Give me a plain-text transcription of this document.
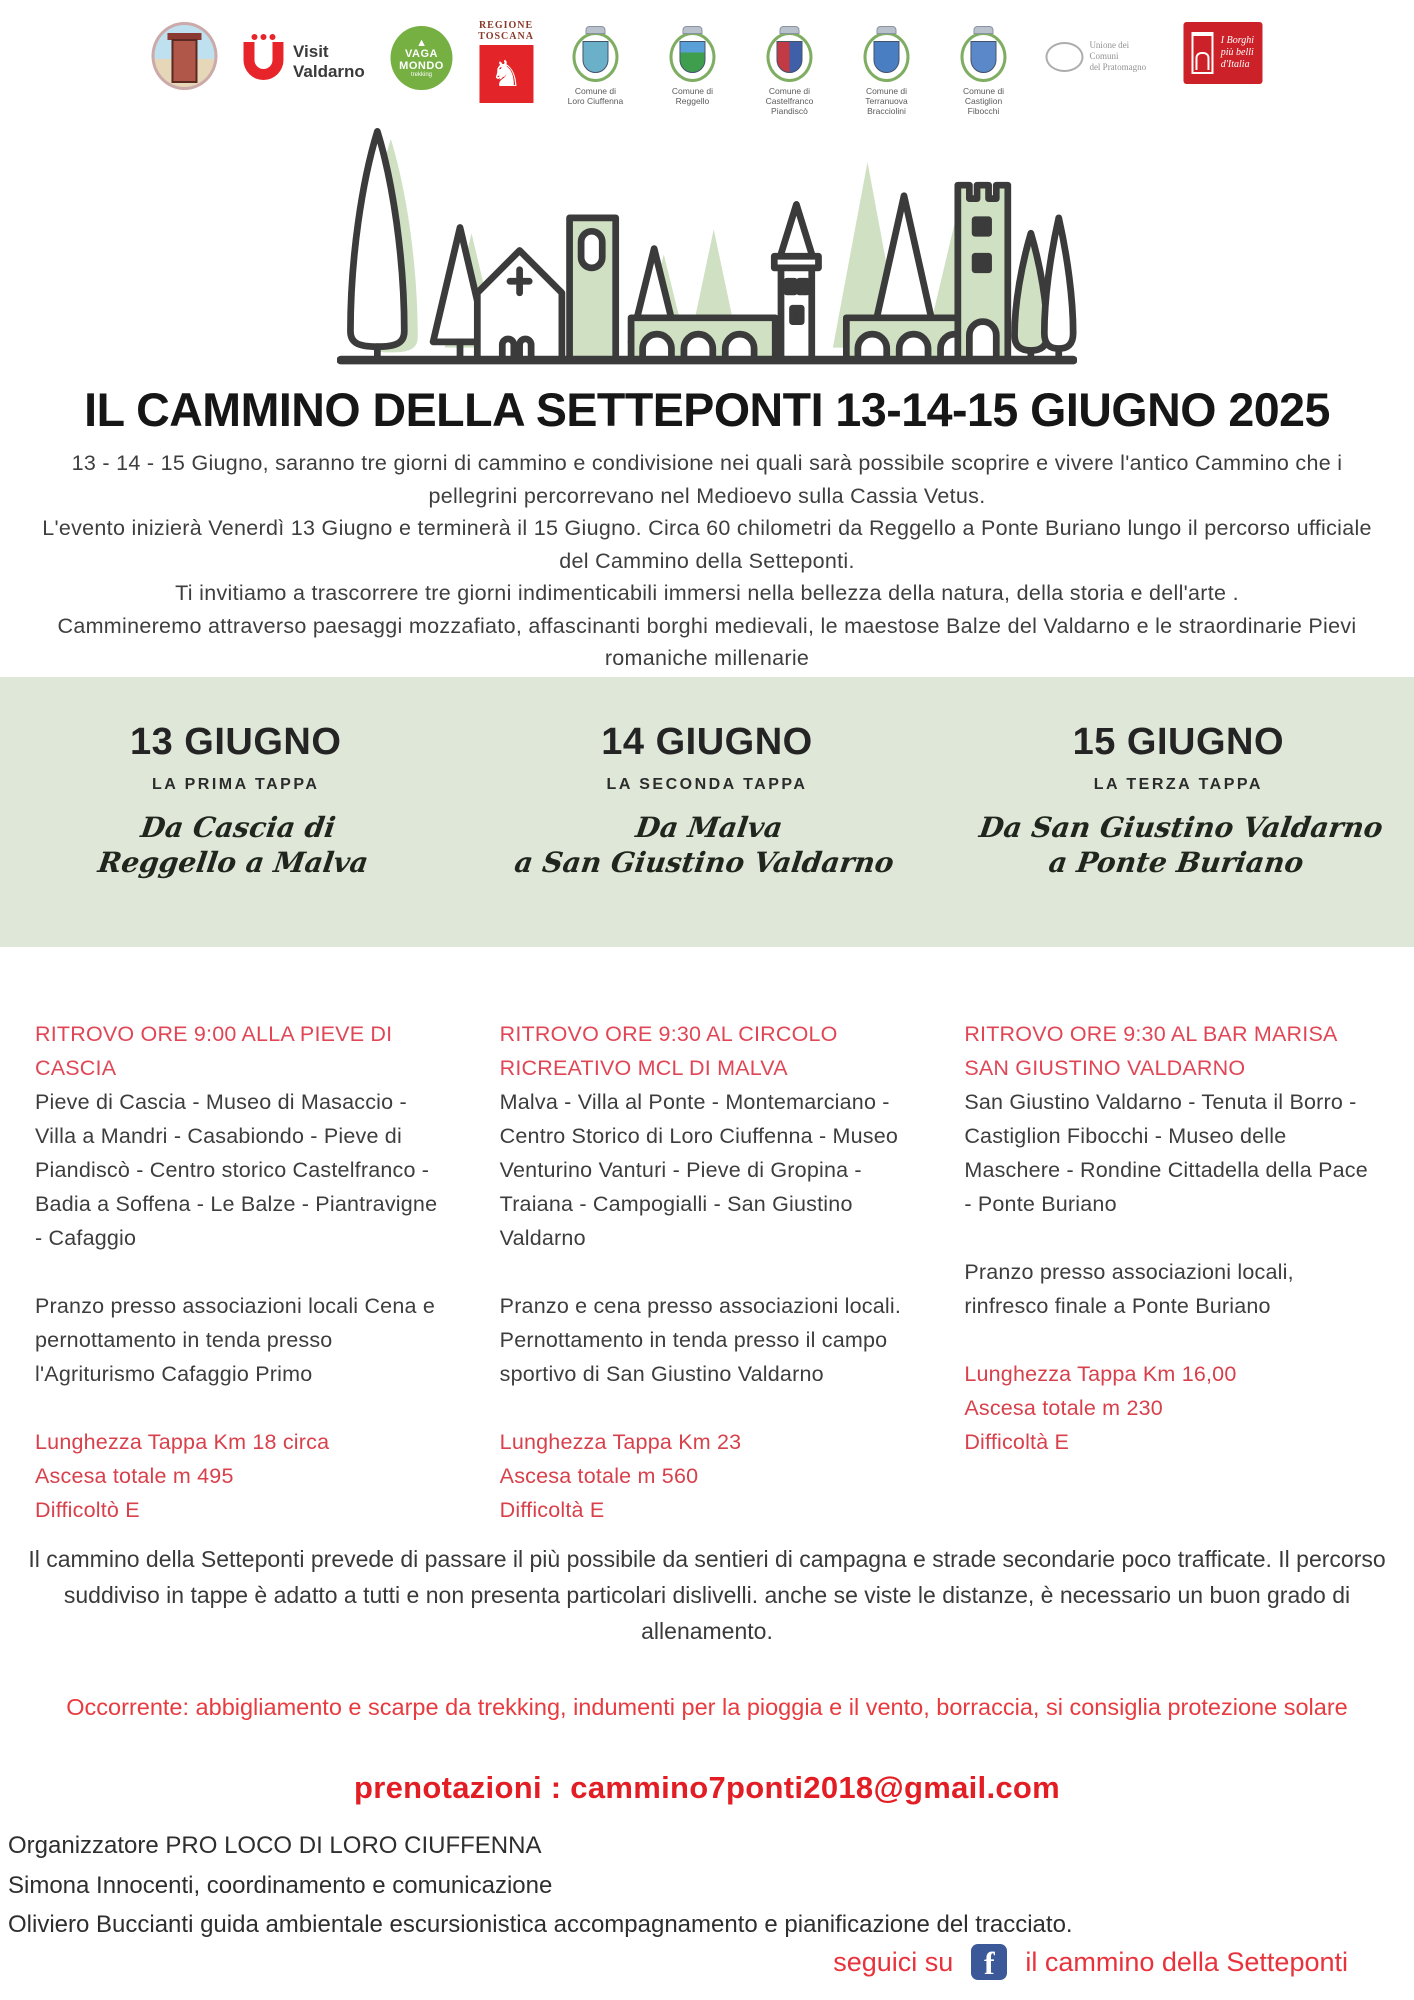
Visit
Valdarno
▲
VAGA
MONDO
trekking
REGIONE
TOSCANA
♞	Comune di
Loro Ciuffenna
Comune di
Reggello
Comune di
Castelfranco
Piandiscò
Comune di
Terranuova
Bracciolini
Comune di
Castiglion
Fibocchi
Unione dei Comuni
del Pratomagno
I Borghi
più belli
d'Italia
IL CAMMINO DELLA SETTEPONTI 13-14-15 GIUGNO 2025

13 - 14 - 15 Giugno, saranno tre giorni di cammino e condivisione nei quali sarà possibile scoprire e vivere l'antico Cammino che i pellegrini percorrevano nel Medioevo sulla Cassia Vetus.

L'evento inizierà Venerdì 13 Giugno e terminerà il 15 Giugno. Circa 60 chilometri da Reggello a Ponte Buriano lungo il percorso ufficiale del Cammino della Setteponti.

Ti invitiamo a trascorrere tre giorni indimenticabili immersi nella bellezza della natura, della storia e dell'arte .

Cammineremo attraverso paesaggi mozzafiato, affascinanti borghi medievali, le maestose Balze del Valdarno e le straordinarie Pievi romaniche millenarie

13 GIUGNO
LA PRIMA TAPPA
Da Cascia di
Reggello a Malva
14 GIUGNO
LA SECONDA TAPPA
Da Malva
a San Giustino Valdarno
15 GIUGNO
LA TERZA TAPPA
Da San Giustino Valdarno
a Ponte Buriano
RITROVO ORE 9:00 ALLA PIEVE DI CASCIA
Pieve di Cascia - Museo di Masaccio - Villa a Mandri - Casabiondo - Pieve di Piandiscò - Centro storico Castelfranco - Badia a Soffena - Le Balze - Piantravigne - Cafaggio
Pranzo presso associazioni locali Cena e pernottamento in tenda presso l'Agriturismo Cafaggio Primo
Lunghezza Tappa Km 18 circa
Ascesa totale m 495
Difficoltò E
RITROVO ORE 9:30 AL CIRCOLO RICREATIVO MCL DI MALVA
Malva - Villa al Ponte - Montemarciano - Centro Storico di Loro Ciuffenna - Museo Venturino Vanturi - Pieve di Gropina - Traiana - Campogialli - San Giustino Valdarno
Pranzo e cena presso associazioni locali. Pernottamento in tenda presso il campo sportivo di San Giustino Valdarno
Lunghezza Tappa Km 23
Ascesa totale m 560
Difficoltà E
RITROVO ORE 9:30 AL BAR MARISA SAN GIUSTINO VALDARNO
San Giustino Valdarno - Tenuta il Borro - Castiglion Fibocchi - Museo delle Maschere - Rondine Cittadella della Pace - Ponte Buriano
Pranzo presso associazioni locali, rinfresco finale a Ponte Buriano
Lunghezza Tappa Km 16,00
Ascesa totale m 230
Difficoltà E
Il cammino della Setteponti prevede di passare il più possibile da sentieri di campagna e strade secondarie poco trafficate. Il percorso suddiviso in tappe è adatto a tutti e non presenta particolari dislivelli. anche se viste le distanze, è necessario un buon grado di allenamento.
Occorrente: abbigliamento e scarpe da trekking, indumenti per la pioggia e il vento, borraccia, si consiglia protezione solare
prenotazioni : cammino7ponti2018@gmail.com
Organizzatore PRO LOCO DI LORO CIUFFENNA
Simona Innocenti, coordinamento e comunicazione
Oliviero Buccianti guida ambientale escursionistica accompagnamento e pianificazione del tracciato.
seguici su f	il cammino della Setteponti
